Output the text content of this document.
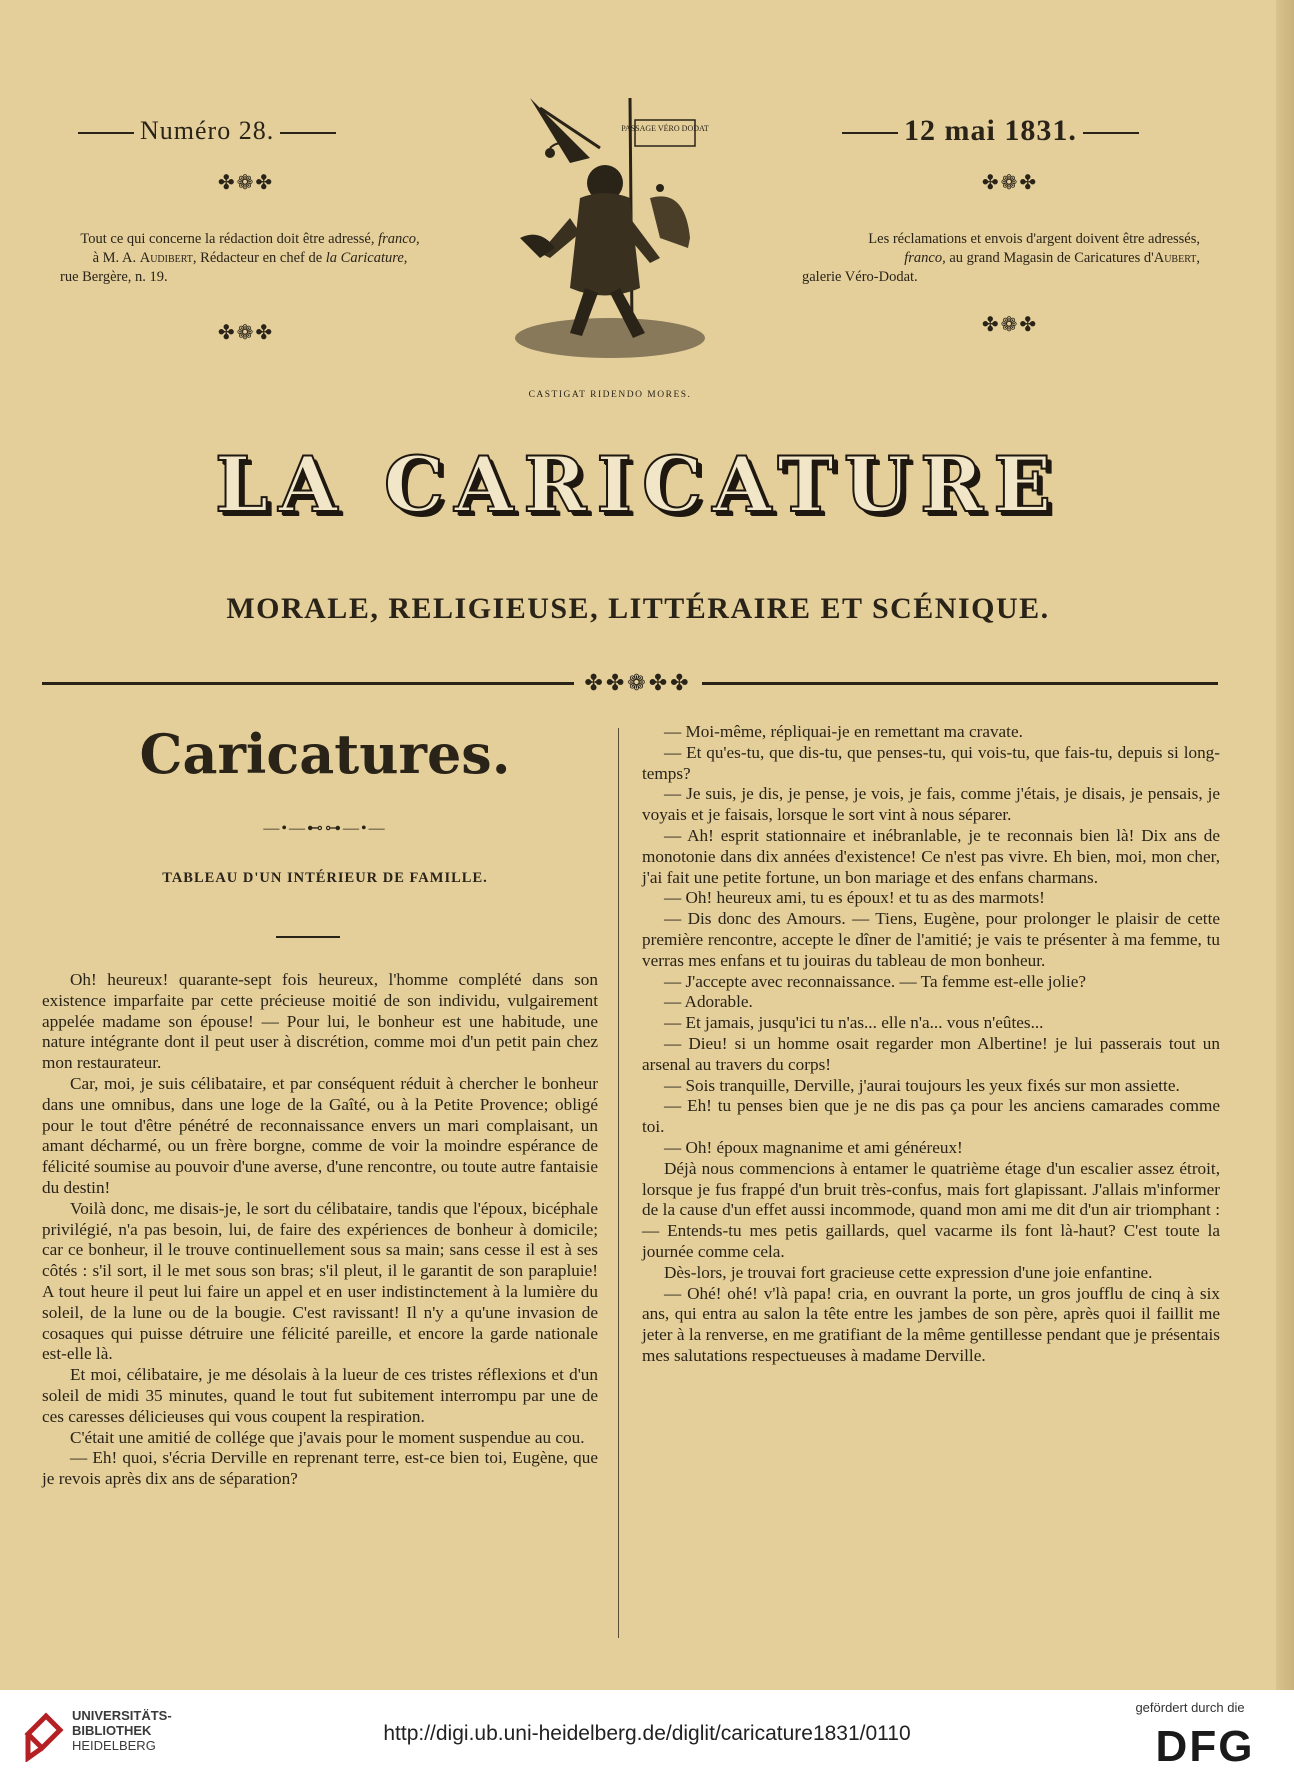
Numéro 28.
✤❁✤
Tout ce qui concerne la rédaction doit être adressé, franco,
à M. A. Audibert, Rédacteur en chef de la Caricature,
rue Bergère, n. 19.
✤❁✤
PASSAGE VÉRO DODAT
CASTIGAT RIDENDO MORES.
12 mai 1831.
✤❁✤
Les réclamations et envois d'argent doivent être adressés,
franco, au grand Magasin de Caricatures d'Aubert,
galerie Véro-Dodat.
✤❁✤
LA CARICATURE
MORALE, RELIGIEUSE, LITTÉRAIRE ET SCÉNIQUE.
✤✤❁✤✤
Caricatures.
—•—⊷⊶—•—
TABLEAU D'UN INTÉRIEUR DE FAMILLE.

Oh! heureux! quarante-sept fois heureux, l'homme complété dans son existence imparfaite par cette précieuse moitié de son individu, vulgairement appelée madame son épouse! — Pour lui, le bonheur est une habitude, une nature intégrante dont il peut user à discrétion, comme moi d'un petit pain chez mon restaurateur.

Car, moi, je suis célibataire, et par conséquent réduit à chercher le bonheur dans une omnibus, dans une loge de la Gaîté, ou à la Petite Provence; obligé pour le tout d'être pénétré de reconnaissance envers un mari complaisant, un amant décharmé, ou un frère borgne, comme de voir la moindre espérance de félicité soumise au pouvoir d'une averse, d'une rencontre, ou toute autre fantaisie du destin!

Voilà donc, me disais-je, le sort du célibataire, tandis que l'époux, bicéphale privilégié, n'a pas besoin, lui, de faire des expériences de bonheur à domicile; car ce bonheur, il le trouve continuellement sous sa main; sans cesse il est à ses côtés : s'il sort, il le met sous son bras; s'il pleut, il le garantit de son parapluie! A tout heure il peut lui faire un appel et en user indistinctement à la lumière du soleil, de la lune ou de la bougie. C'est ravissant! Il n'y a qu'une invasion de cosaques qui puisse détruire une félicité pareille, et encore la garde nationale est-elle là.

Et moi, célibataire, je me désolais à la lueur de ces tristes réflexions et d'un soleil de midi 35 minutes, quand le tout fut subitement interrompu par une de ces caresses délicieuses qui vous coupent la respiration.

C'était une amitié de collége que j'avais pour le moment suspendue au cou.

— Eh! quoi, s'écria Derville en reprenant terre, est-ce bien toi, Eugène, que je revois après dix ans de séparation?

— Moi-même, répliquai-je en remettant ma cravate.

— Et qu'es-tu, que dis-tu, que penses-tu, qui vois-tu, que fais-tu, depuis si long-temps?

— Je suis, je dis, je pense, je vois, je fais, comme j'étais, je disais, je pensais, je voyais et je faisais, lorsque le sort vint à nous séparer.

— Ah! esprit stationnaire et inébranlable, je te reconnais bien là! Dix ans de monotonie dans dix années d'existence! Ce n'est pas vivre. Eh bien, moi, mon cher, j'ai fait une petite fortune, un bon mariage et des enfans charmans.

— Oh! heureux ami, tu es époux! et tu as des marmots!

— Dis donc des Amours. — Tiens, Eugène, pour prolonger le plaisir de cette première rencontre, accepte le dîner de l'amitié; je vais te présenter à ma femme, tu verras mes enfans et tu jouiras du tableau de mon bonheur.

— J'accepte avec reconnaissance. — Ta femme est-elle jolie?

— Adorable.

— Et jamais, jusqu'ici tu n'as... elle n'a... vous n'eûtes...

— Dieu! si un homme osait regarder mon Albertine! je lui passerais tout un arsenal au travers du corps!

— Sois tranquille, Derville, j'aurai toujours les yeux fixés sur mon assiette.

— Eh! tu penses bien que je ne dis pas ça pour les anciens camarades comme toi.

— Oh! époux magnanime et ami généreux!

Déjà nous commencions à entamer le quatrième étage d'un escalier assez étroit, lorsque je fus frappé d'un bruit très-confus, mais fort glapissant. J'allais m'informer de la cause d'un effet aussi incommode, quand mon ami me dit d'un air triomphant : — Entends-tu mes petis gaillards, quel vacarme ils font là-haut? C'est toute la journée comme cela.

Dès-lors, je trouvai fort gracieuse cette expression d'une joie enfantine.

— Ohé! ohé! v'là papa! cria, en ouvrant la porte, un gros joufflu de cinq à six ans, qui entra au salon la tête entre les jambes de son père, après quoi il faillit me jeter à la renverse, en me gratifiant de la même gentillesse pendant que je présentais mes salutations respectueuses à madame Derville.

UNIVERSITÄTS-
BIBLIOTHEK
HEIDELBERG
http://digi.ub.uni-heidelberg.de/diglit/caricature1831/0110
gefördert durch die
DFG
